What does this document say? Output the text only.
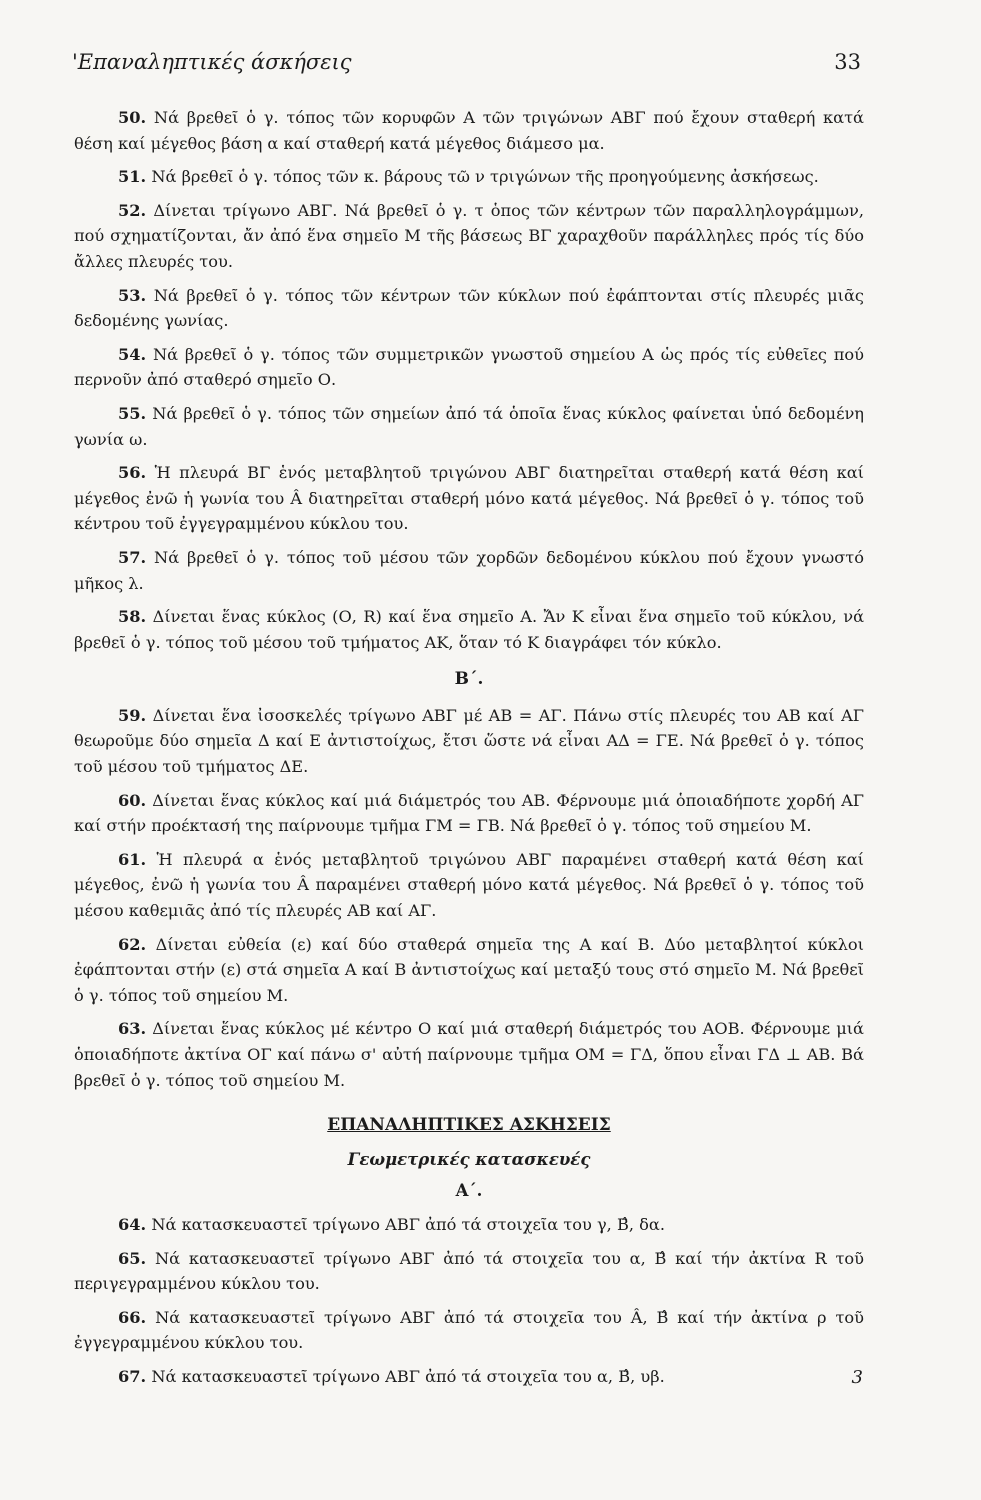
'Επαναληπτικές άσκήσεις	33

50. Νά βρεθεῖ ὁ γ. τόπος τῶν κορυφῶν Α τῶν τριγώνων ΑΒΓ πού ἔχουν σταθερή κατά θέση καί μέγεθος βάση α καί σταθερή κατά μέγεθος διάμεσο μα.

51. Νά βρεθεῖ ὁ γ. τόπος τῶν κ. βάρους τῶ ν τριγώνων τῆς προηγούμενης ἀσκήσεως.

52. Δίνεται τρίγωνο ΑΒΓ. Νά βρεθεῖ ὁ γ. τ ὁπος τῶν κέντρων τῶν παραλληλογράμμων, πού σχηματίζονται, ἄν ἀπό ἕνα σημεῖο Μ τῆς βάσεως ΒΓ χαραχθοῦν παράλληλες πρός τίς δύο ἄλλες πλευρές του.

53. Νά βρεθεῖ ὁ γ. τόπος τῶν κέντρων τῶν κύκλων πού ἐφάπτονται στίς πλευρές μιᾶς δεδομένης γωνίας.

54. Νά βρεθεῖ ὁ γ. τόπος τῶν συμμετρικῶν γνωστοῦ σημείου Α ὡς πρός τίς εὐθεῖες πού περνοῦν ἀπό σταθερό σημεῖο Ο.

55. Νά βρεθεῖ ὁ γ. τόπος τῶν σημείων ἀπό τά ὁποῖα ἕνας κύκλος φαίνεται ὑπό δεδομένη γωνία ω.

56. Ἡ πλευρά ΒΓ ἑνός μεταβλητοῦ τριγώνου ΑΒΓ διατηρεῖται σταθερή κατά θέση καί μέγεθος ἐνῶ ἡ γωνία του Â διατηρεῖται σταθερή μόνο κατά μέγεθος. Νά βρεθεῖ ὁ γ. τόπος τοῦ κέντρου τοῦ ἐγγεγραμμένου κύκλου του.

57. Νά βρεθεῖ ὁ γ. τόπος τοῦ μέσου τῶν χορδῶν δεδομένου κύκλου πού ἔχουν γνωστό μῆκος λ.

58. Δίνεται ἕνας κύκλος (Ο, R) καί ἕνα σημεῖο Α. Ἄν Κ εἶναι ἕνα σημεῖο τοῦ κύκλου, νά βρεθεῖ ὁ γ. τόπος τοῦ μέσου τοῦ τμήματος ΑΚ, ὅταν τό Κ διαγράφει τόν κύκλο.

Β΄.

59. Δίνεται ἕνα ἰσοσκελές τρίγωνο ΑΒΓ μέ ΑΒ = ΑΓ. Πάνω στίς πλευρές του ΑΒ καί ΑΓ θεωροῦμε δύο σημεῖα Δ καί Ε ἀντιστοίχως, ἔτσι ὥστε νά εἶναι ΑΔ = ΓΕ. Νά βρεθεῖ ὁ γ. τόπος τοῦ μέσου τοῦ τμήματος ΔΕ.

60. Δίνεται ἕνας κύκλος καί μιά διάμετρός του ΑΒ. Φέρνουμε μιά ὁποιαδήποτε χορδή ΑΓ καί στήν προέκτασή της παίρνουμε τμῆμα ΓΜ = ΓΒ. Νά βρεθεῖ ὁ γ. τόπος τοῦ σημείου Μ.

61. Ἡ πλευρά α ἑνός μεταβλητοῦ τριγώνου ΑΒΓ παραμένει σταθερή κατά θέση καί μέγεθος, ἐνῶ ἡ γωνία του Â παραμένει σταθερή μόνο κατά μέγεθος. Νά βρεθεῖ ὁ γ. τόπος τοῦ μέσου καθεμιᾶς ἀπό τίς πλευρές ΑΒ καί ΑΓ.

62. Δίνεται εὐθεία (ε) καί δύο σταθερά σημεῖα της Α καί Β. Δύο μεταβλητοί κύκλοι ἐφάπτονται στήν (ε) στά σημεῖα Α καί Β ἀντιστοίχως καί μεταξύ τους στό σημεῖο Μ. Νά βρεθεῖ ὁ γ. τόπος τοῦ σημείου Μ.

63. Δίνεται ἕνας κύκλος μέ κέντρο Ο καί μιά σταθερή διάμετρός του ΑΟΒ. Φέρνουμε μιά ὁποιαδήποτε ἀκτίνα ΟΓ καί πάνω σ' αὐτή παίρνουμε τμῆμα ΟΜ = ΓΔ, ὅπου εἶναι ΓΔ ⊥ ΑΒ. Βά βρεθεῖ ὁ γ. τόπος τοῦ σημείου Μ.

ΕΠΑΝΑΛΗΠΤΙΚΕΣ ΑΣΚΗΣΕΙΣ
Γεωμετρικές κατασκευές
Α΄.

64. Νά κατασκευαστεῖ τρίγωνο ΑΒΓ ἀπό τά στοιχεῖα του γ, Β̂, δα.

65. Νά κατασκευαστεῖ τρίγωνο ΑΒΓ ἀπό τά στοιχεῖα του α, Β̂ καί τήν ἀκτίνα R τοῦ περιγεγραμμένου κύκλου του.

66. Νά κατασκευαστεῖ τρίγωνο ΑΒΓ ἀπό τά στοιχεῖα του Â, Β̂ καί τήν ἀκτίνα ρ τοῦ ἐγγεγραμμένου κύκλου του.

67. Νά κατασκευαστεῖ τρίγωνο ΑΒΓ ἀπό τά στοιχεῖα του α, Β̂, υβ.	3
